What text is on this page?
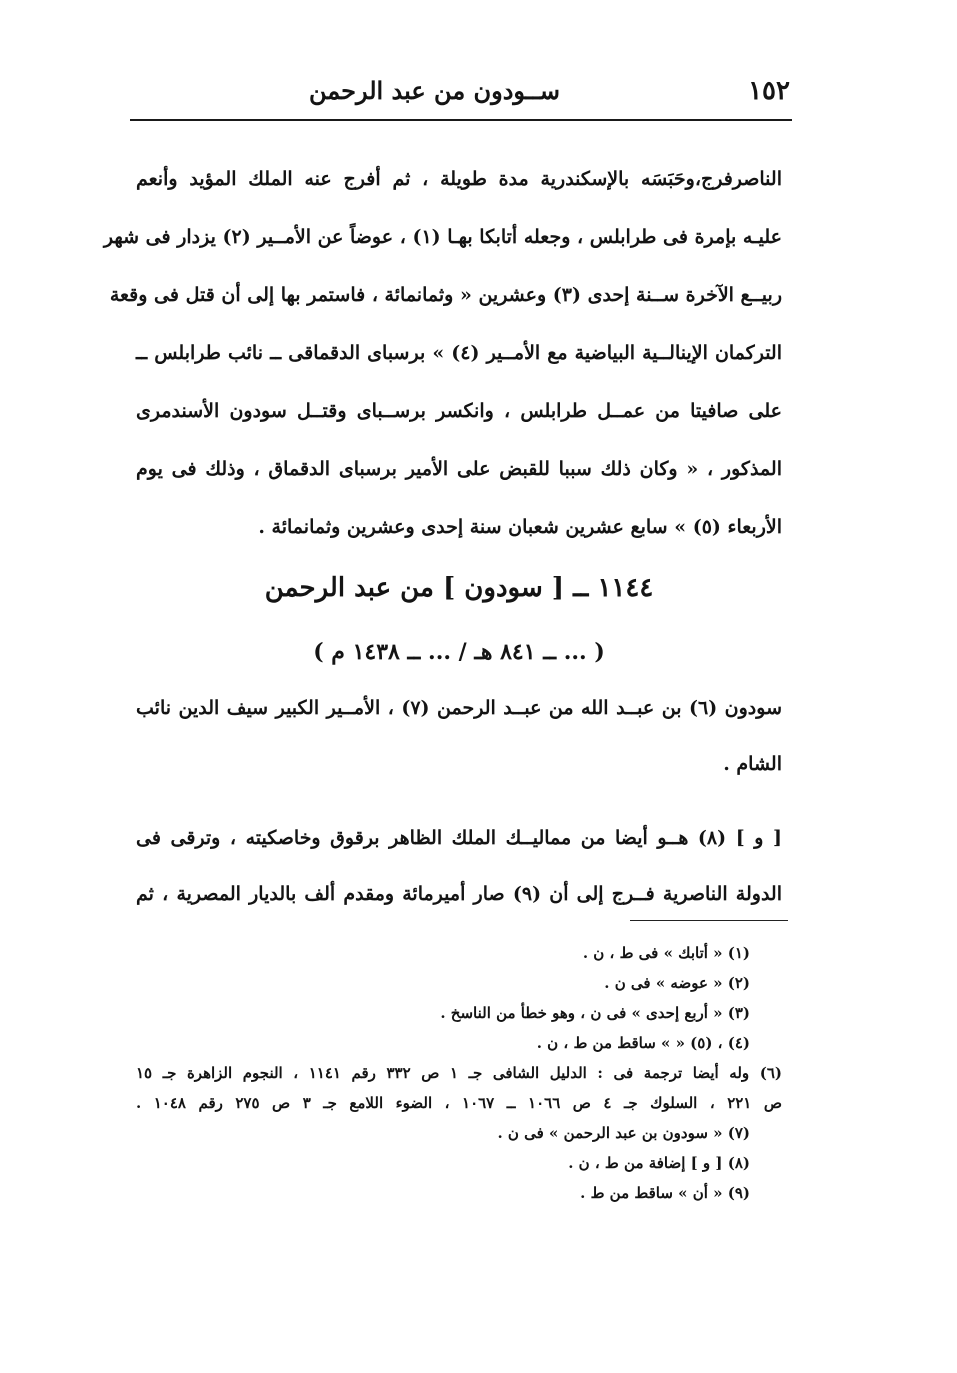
١٥٢
ســودون من عبد الرحمن
الناصرفرج،وحَبَسَه بالإسكندرية مدة طويلة ، ثم أفرج عنه الملك المؤيد وأنعم
عليـه بإمرة فى طرابلس ، وجعله أتابكا بهـا (١) ، عوضاً عن الأمــير (٢) يزدار فى شهر
ربيــع الآخرة ســنة إحدى (٣) وعشرين « وثمانمائة ، فاستمر بها إلى أن قتل فى وقعة
التركمان الإينالــية البياضية مع الأمــير (٤) » برسباى الدقماقى ــ نائب طرابلس ــ
على صافيتا من عمــل طرابلس ، وانكسر برســباى وقتــل سودون الأسندمرى
المذكور ، « وكان ذلك سببا للقبض على الأمير برسباى الدقماق ، وذلك فى يوم
الأربعاء (٥) » سابع عشرين شعبان سنة إحدى وعشرين وثمانمائة .
١١٤٤ ــ [ سودون ] من عبد الرحمن
( ... ــ ٨٤١ هـ / ... ــ ١٤٣٨ م )
سودون (٦) بن عبــد الله من عبــد الرحمن (٧) ، الأمــير الكبير سيف الدين نائب
الشام .
[ و ] (٨) هــو أيضا من مماليــك الملك الظاهر برقوق وخاصكيته ، وترقى فى
الدولة الناصرية فــرج إلى أن (٩) صار أميرمائة ومقدم ألف بالديار المصرية ، ثم
(١) « أتابك » فى ط ، ن .
(٢) « عوضه » فى ن .
(٣) « أربع إحدى » فى ن ، وهو خطأ من الناسخ .
(٤) ، (٥) « » ساقط من ط ، ن .
(٦) وله أيضا ترجمة فى : الدليل الشافى جـ ١ ص ٣٣٢ رقم ١١٤١ ، النجوم الزاهرة جـ ١٥
ص ٢٢١ ، السلوك جـ ٤ ص ١٠٦٦ ــ ١٠٦٧ ، الضوء اللامع جـ ٣ ص ٢٧٥ رقم ١٠٤٨ .
(٧) « سودون بن عبد الرحمن » فى ن .
(٨) [ و ] إضافة من ط ، ن .
(٩) « أن » ساقط من ط .
